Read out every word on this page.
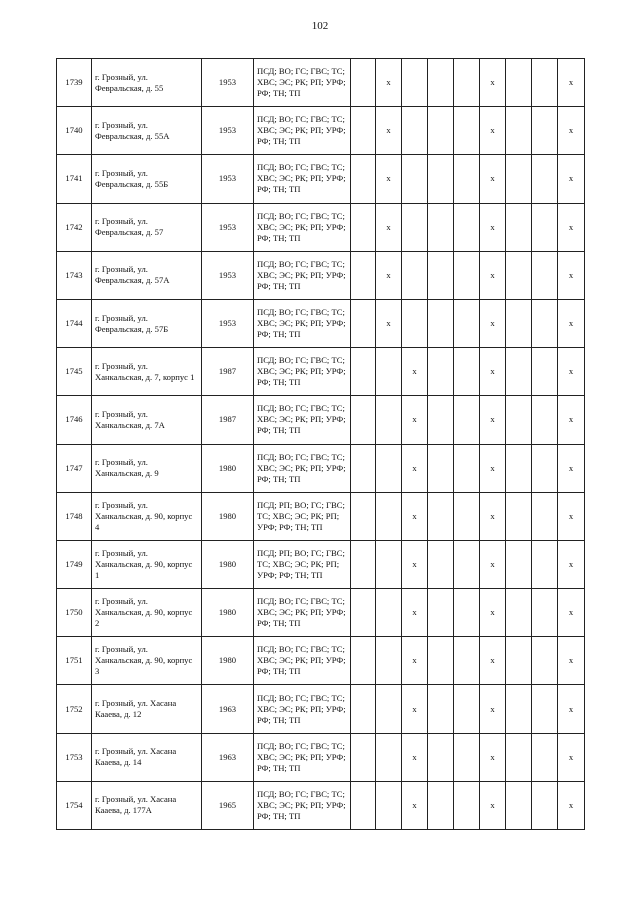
102
1739	г. Грозный, ул. Февральская, д. 55	1953	ПСД; ВО; ГС; ГВС; ТС; ХВС; ЭС; РК; РП; УРФ; РФ; ТН; ТП		x				x			x
1740	г. Грозный, ул. Февральская, д. 55А	1953	ПСД; ВО; ГС; ГВС; ТС; ХВС; ЭС; РК; РП; УРФ; РФ; ТН; ТП		x				x			x
1741	г. Грозный, ул. Февральская, д. 55Б	1953	ПСД; ВО; ГС; ГВС; ТС; ХВС; ЭС; РК; РП; УРФ; РФ; ТН; ТП		x				x			x
1742	г. Грозный, ул. Февральская, д. 57	1953	ПСД; ВО; ГС; ГВС; ТС; ХВС; ЭС; РК; РП; УРФ; РФ; ТН; ТП		x				x			x
1743	г. Грозный, ул. Февральская, д. 57А	1953	ПСД; ВО; ГС; ГВС; ТС; ХВС; ЭС; РК; РП; УРФ; РФ; ТН; ТП		x				x			x
1744	г. Грозный, ул. Февральская, д. 57Б	1953	ПСД; ВО; ГС; ГВС; ТС; ХВС; ЭС; РК; РП; УРФ; РФ; ТН; ТП		x				x			x
1745	г. Грозный, ул. Ханкальская, д. 7, корпус 1	1987	ПСД; ВО; ГС; ГВС; ТС; ХВС; ЭС; РК; РП; УРФ; РФ; ТН; ТП			x			x			x
1746	г. Грозный, ул. Ханкальская, д. 7А	1987	ПСД; ВО; ГС; ГВС; ТС; ХВС; ЭС; РК; РП; УРФ; РФ; ТН; ТП			x			x			x
1747	г. Грозный, ул. Ханкальская, д. 9	1980	ПСД; ВО; ГС; ГВС; ТС; ХВС; ЭС; РК; РП; УРФ; РФ; ТН; ТП			x			x			x
1748	г. Грозный, ул. Ханкальская, д. 90, корпус 4	1980	ПСД; РП; ВО; ГС; ГВС; ТС; ХВС; ЭС; РК; РП; УРФ; РФ; ТН; ТП			x			x			x
1749	г. Грозный, ул. Ханкальская, д. 90, корпус 1	1980	ПСД; РП; ВО; ГС; ГВС; ТС; ХВС; ЭС; РК; РП; УРФ; РФ; ТН; ТП			x			x			x
1750	г. Грозный, ул. Ханкальская, д. 90, корпус 2	1980	ПСД; ВО; ГС; ГВС; ТС; ХВС; ЭС; РК; РП; УРФ; РФ; ТН; ТП			x			x			x
1751	г. Грозный, ул. Ханкальская, д. 90, корпус 3	1980	ПСД; ВО; ГС; ГВС; ТС; ХВС; ЭС; РК; РП; УРФ; РФ; ТН; ТП			x			x			x
1752	г. Грозный, ул. Хасана Кааева, д. 12	1963	ПСД; ВО; ГС; ГВС; ТС; ХВС; ЭС; РК; РП; УРФ; РФ; ТН; ТП			x			x			x
1753	г. Грозный, ул. Хасана Кааева, д. 14	1963	ПСД; ВО; ГС; ГВС; ТС; ХВС; ЭС; РК; РП; УРФ; РФ; ТН; ТП			x			x			x
1754	г. Грозный, ул. Хасана Кааева, д. 177А	1965	ПСД; ВО; ГС; ГВС; ТС; ХВС; ЭС; РК; РП; УРФ; РФ; ТН; ТП			x			x			x
